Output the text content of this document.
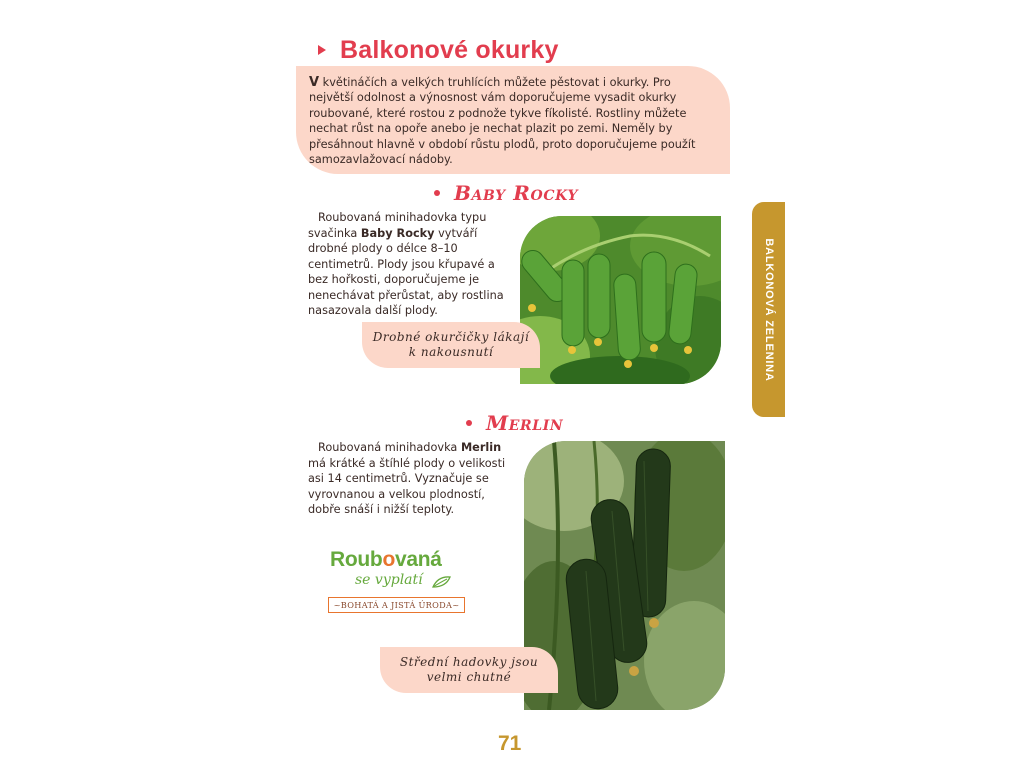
Balkonové okurky

V květináčích a velkých truhlících můžete pěstovat i okurky. Pro největší odolnost a výnosnost vám doporučujeme vysadit okurky roubované, které rostou z podnože tykve fíkolisté. Rostliny můžete nechat růst na opoře anebo je nechat plazit po zemi. Neměly by přesáhnout hlavně v období růstu plodů, proto doporučujeme použít samozavlažovací nádoby.

Baby Rocky

Roubovaná minihadovka typu svačinka Baby Rocky vytváří drobné plody o délce 8–10 centimetrů. Plody jsou křupavé a bez hořkosti, doporučujeme je nenechávat přerůstat, aby rostlina nasazovala další plody.

Drobné okurčičky lákají
k nakousnutí
Merlin

Roubovaná minihadovka Merlin má krátké a štíhlé plody o velikosti asi 14 centimetrů. Vyznačuje se vyrovnanou a velkou plodností, dobře snáší i nižší teploty.

Střední hadovky jsou
velmi chutné
Roubovaná
se vyplatí
~BOHATÁ A JISTÁ ÚRODA~
BALKONOVÁ ZELENINA
71
